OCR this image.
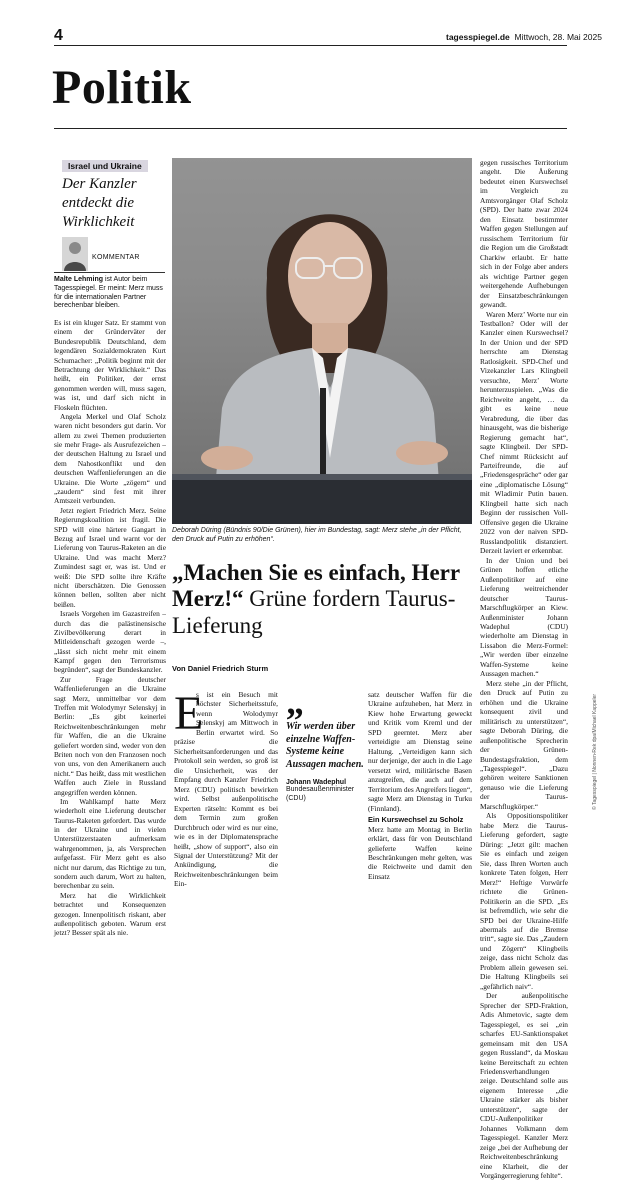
4	tagesspiegel.de Mittwoch, 28. Mai 2025
Politik
Israel und Ukraine
Der Kanzler entdeckt die Wirklichkeit
KOMMENTAR
Malte Lehming ist Autor beim Tagesspiegel. Er meint: Merz muss für die internationalen Partner berechenbar bleiben.

Es ist ein kluger Satz. Er stammt von einem der Gründerväter der Bundesrepublik Deutschland, dem legendären Sozialdemokraten Kurt Schumacher: „Politik beginnt mit der Betrachtung der Wirklichkeit.“ Das heißt, ein Politiker, der ernst genommen werden will, muss sagen, was ist, und darf sich nicht in Floskeln flüchten.

Angela Merkel und Olaf Scholz waren nicht besonders gut darin. Vor allem zu zwei Themen produzierten sie mehr Frage- als Ausrufezeichen – der deutschen Haltung zu Israel und dem Nahostkonflikt und den deutschen Waffenlieferungen an die Ukraine. Die Worte „zögern“ und „zaudern“ sind fest mit ihrer Amtszeit verbunden.

Jetzt regiert Friedrich Merz. Seine Regierungskoalition ist fragil. Die SPD will eine härtere Gangart in Bezug auf Israel und warnt vor der Lieferung von Taurus-Raketen an die Ukraine. Und was macht Merz? Zumindest sagt er, was ist. Und er weiß: Die SPD sollte ihre Kräfte nicht überschätzen. Die Genossen können bellen, sollten aber nicht beißen.

Israels Vorgehen im Gazastreifen – durch das die palästinensische Zivilbevölkerung derart in Mitleidenschaft gezogen werde –, „lässt sich nicht mehr mit einem Kampf gegen den Terrorismus begründen“, sagt der Bundeskanzler.

Zur Frage deutscher Waffenlieferungen an die Ukraine sagt Merz, unmittelbar vor dem Treffen mit Wolodymyr Selenskyj in Berlin: „Es gibt keinerlei Reichweitenbeschränkungen mehr für Waffen, die an die Ukraine geliefert worden sind, weder von den Briten noch von den Franzosen noch von uns, von den Amerikanern auch nicht.“ Das heißt, dass mit westlichen Waffen auch Ziele in Russland angegriffen werden können.

Im Wahlkampf hatte Merz wiederholt eine Lieferung deutscher Taurus-Raketen gefordert. Das wurde in der Ukraine und in vielen Unterstützerstaaten aufmerksam wahrgenommen, ja, als Versprechen aufgefasst. Für Merz geht es also nicht nur darum, das Richtige zu tun, sondern auch darum, Wort zu halten, berechenbar zu sein.

Merz hat die Wirklichkeit betrachtet und Konsequenzen gezogen. Innenpolitisch riskant, aber außenpolitisch geboten. Warum erst jetzt? Besser spät als nie.

Deborah Düring (Bündnis 90/Die Grünen), hier im Bundestag, sagt: Merz stehe „in der Pflicht, den Druck auf Putin zu erhöhen“.
„Machen Sie es einfach, Herr Merz!“ Grüne fordern Taurus-Lieferung
Von Daniel Friedrich Sturm

s ist ein Besuch mit höchster Sicherheitsstufe, wenn Wolodymyr Selenskyj am Mittwoch in Berlin erwartet wird. So präzise die Sicherheitsanforderungen und das Protokoll sein werden, so groß ist die Unsicherheit, was der Empfang durch Kanzler Friedrich Merz (CDU) politisch bewirken wird. Selbst außenpolitische Experten rätseln: Kommt es bei dem Termin zum großen Durchbruch oder wird es nur eine, wie es in der Diplomatensprache heißt, „show of support“, also ein Signal der Unterstützung? Mit der Ankündigung, die Reichweitenbeschränkungen beim Ein-

E „
Wir werden über einzelne Waffen-Systeme keine Aussagen machen.
Johann Wadephul
Bundesaußenminister (CDU)

satz deutscher Waffen für die Ukraine aufzuheben, hat Merz in Kiew hohe Erwartung geweckt und Kritik vom Kreml und der SPD geerntet. Merz aber verteidigte am Dienstag seine Haltung. „Verteidigen kann sich nur derjenige, der auch in die Lage versetzt wird, militärische Basen anzugreifen, die auch auf dem Territorium des Angreifers liegen“, sagte Merz am Dienstag in Turku (Finnland).

Ein Kurswechsel zu Scholz

Merz hatte am Montag in Berlin erklärt, dass für von Deutschland gelieferte Waffen keine Beschränkungen mehr gelten, was die Reichweite und damit den Einsatz

gegen russisches Territorium angeht. Die Äußerung bedeutet einen Kurswechsel im Vergleich zu Amtsvorgänger Olaf Scholz (SPD). Der hatte zwar 2024 den Einsatz bestimmter Waffen gegen Stellungen auf russischem Territorium für die Region um die Großstadt Charkiw erlaubt. Er hatte sich in der Folge aber anders als wichtige Partner gegen weitergehende Aufhebungen der Einsatzbeschränkungen gewandt.

Waren Merz’ Worte nur ein Testballon? Oder will der Kanzler einen Kurswechsel? In der Union und der SPD herrschte am Dienstag Ratlosigkeit. SPD-Chef und Vizekanzler Lars Klingbeil versuchte, Merz’ Worte herunterzuspielen. „Was die Reichweite angeht, … da gibt es keine neue Verabredung, die über das hinausgeht, was die bisherige Regierung gemacht hat“, sagte Klingbeil. Der SPD-Chef nimmt Rücksicht auf Parteifreunde, die auf „Friedensgespräche“ oder gar eine „diplomatische Lösung“ mit Wladimir Putin bauen. Klingbeil hatte sich nach Beginn der russischen Voll-Offensive gegen die Ukraine 2022 von der naiven SPD-Russlandpolitik distanziert. Derzeit laviert er erkennbar.

In der Union und bei Grünen hoffen etliche Außenpolitiker auf eine Lieferung weitreichender deutscher Taurus-Marschflugkörper an Kiew. Außenminister Johann Wadephul (CDU) wiederholte am Dienstag in Lissabon die Merz-Formel: „Wir werden über einzelne Waffen-Systeme keine Aussagen machen.“

Merz stehe „in der Pflicht, den Druck auf Putin zu erhöhen und die Ukraine konsequent zivil und militärisch zu unterstützen“, sagte Deborah Düring, die außenpolitische Sprecherin der Grünen-Bundestagsfraktion, dem „Tagesspiegel“. „Dazu gehören weitere Sanktionen genauso wie die Lieferung der Taurus-Marschflugkörper.“

Als Oppositionspolitiker habe Merz die Taurus-Lieferung gefordert, sagte Düring: „Jetzt gilt: machen Sie es einfach und zeigen Sie, dass Ihren Worten auch konkrete Taten folgen, Herr Merz!“ Heftige Vorwürfe richtete die Grünen-Politikerin an die SPD. „Es ist befremdlich, wie sehr die SPD bei der Ukraine-Hilfe abermals auf die Bremse tritt“, sagte sie. Das „Zaudern und Zögern“ Klingbeils zeige, dass nicht Scholz das Problem allein gewesen sei. Die Haltung Klingbeils sei „gefährlich naiv“.

Der außenpolitische Sprecher der SPD-Fraktion, Adis Ahmetovic, sagte dem Tagesspiegel, es sei „ein scharfes EU-Sanktionspaket gemeinsam mit den USA gegen Russland“, da Moskau keine Bereitschaft zu echten Friedensverhandlungen zeige. Deutschland solle aus eigenem Interesse „die Ukraine stärker als bisher unterstützen“, sagte der CDU-Außenpolitiker Johannes Volkmann dem Tagesspiegel. Kanzler Merz zeige „bei der Aufhebung der Reichweitenbeschränkung eine Klarheit, die der Vorgängerregierung fehlte“.

© Tagesspiegel | Nonnen-Rek dpa/Michael Kappeler
